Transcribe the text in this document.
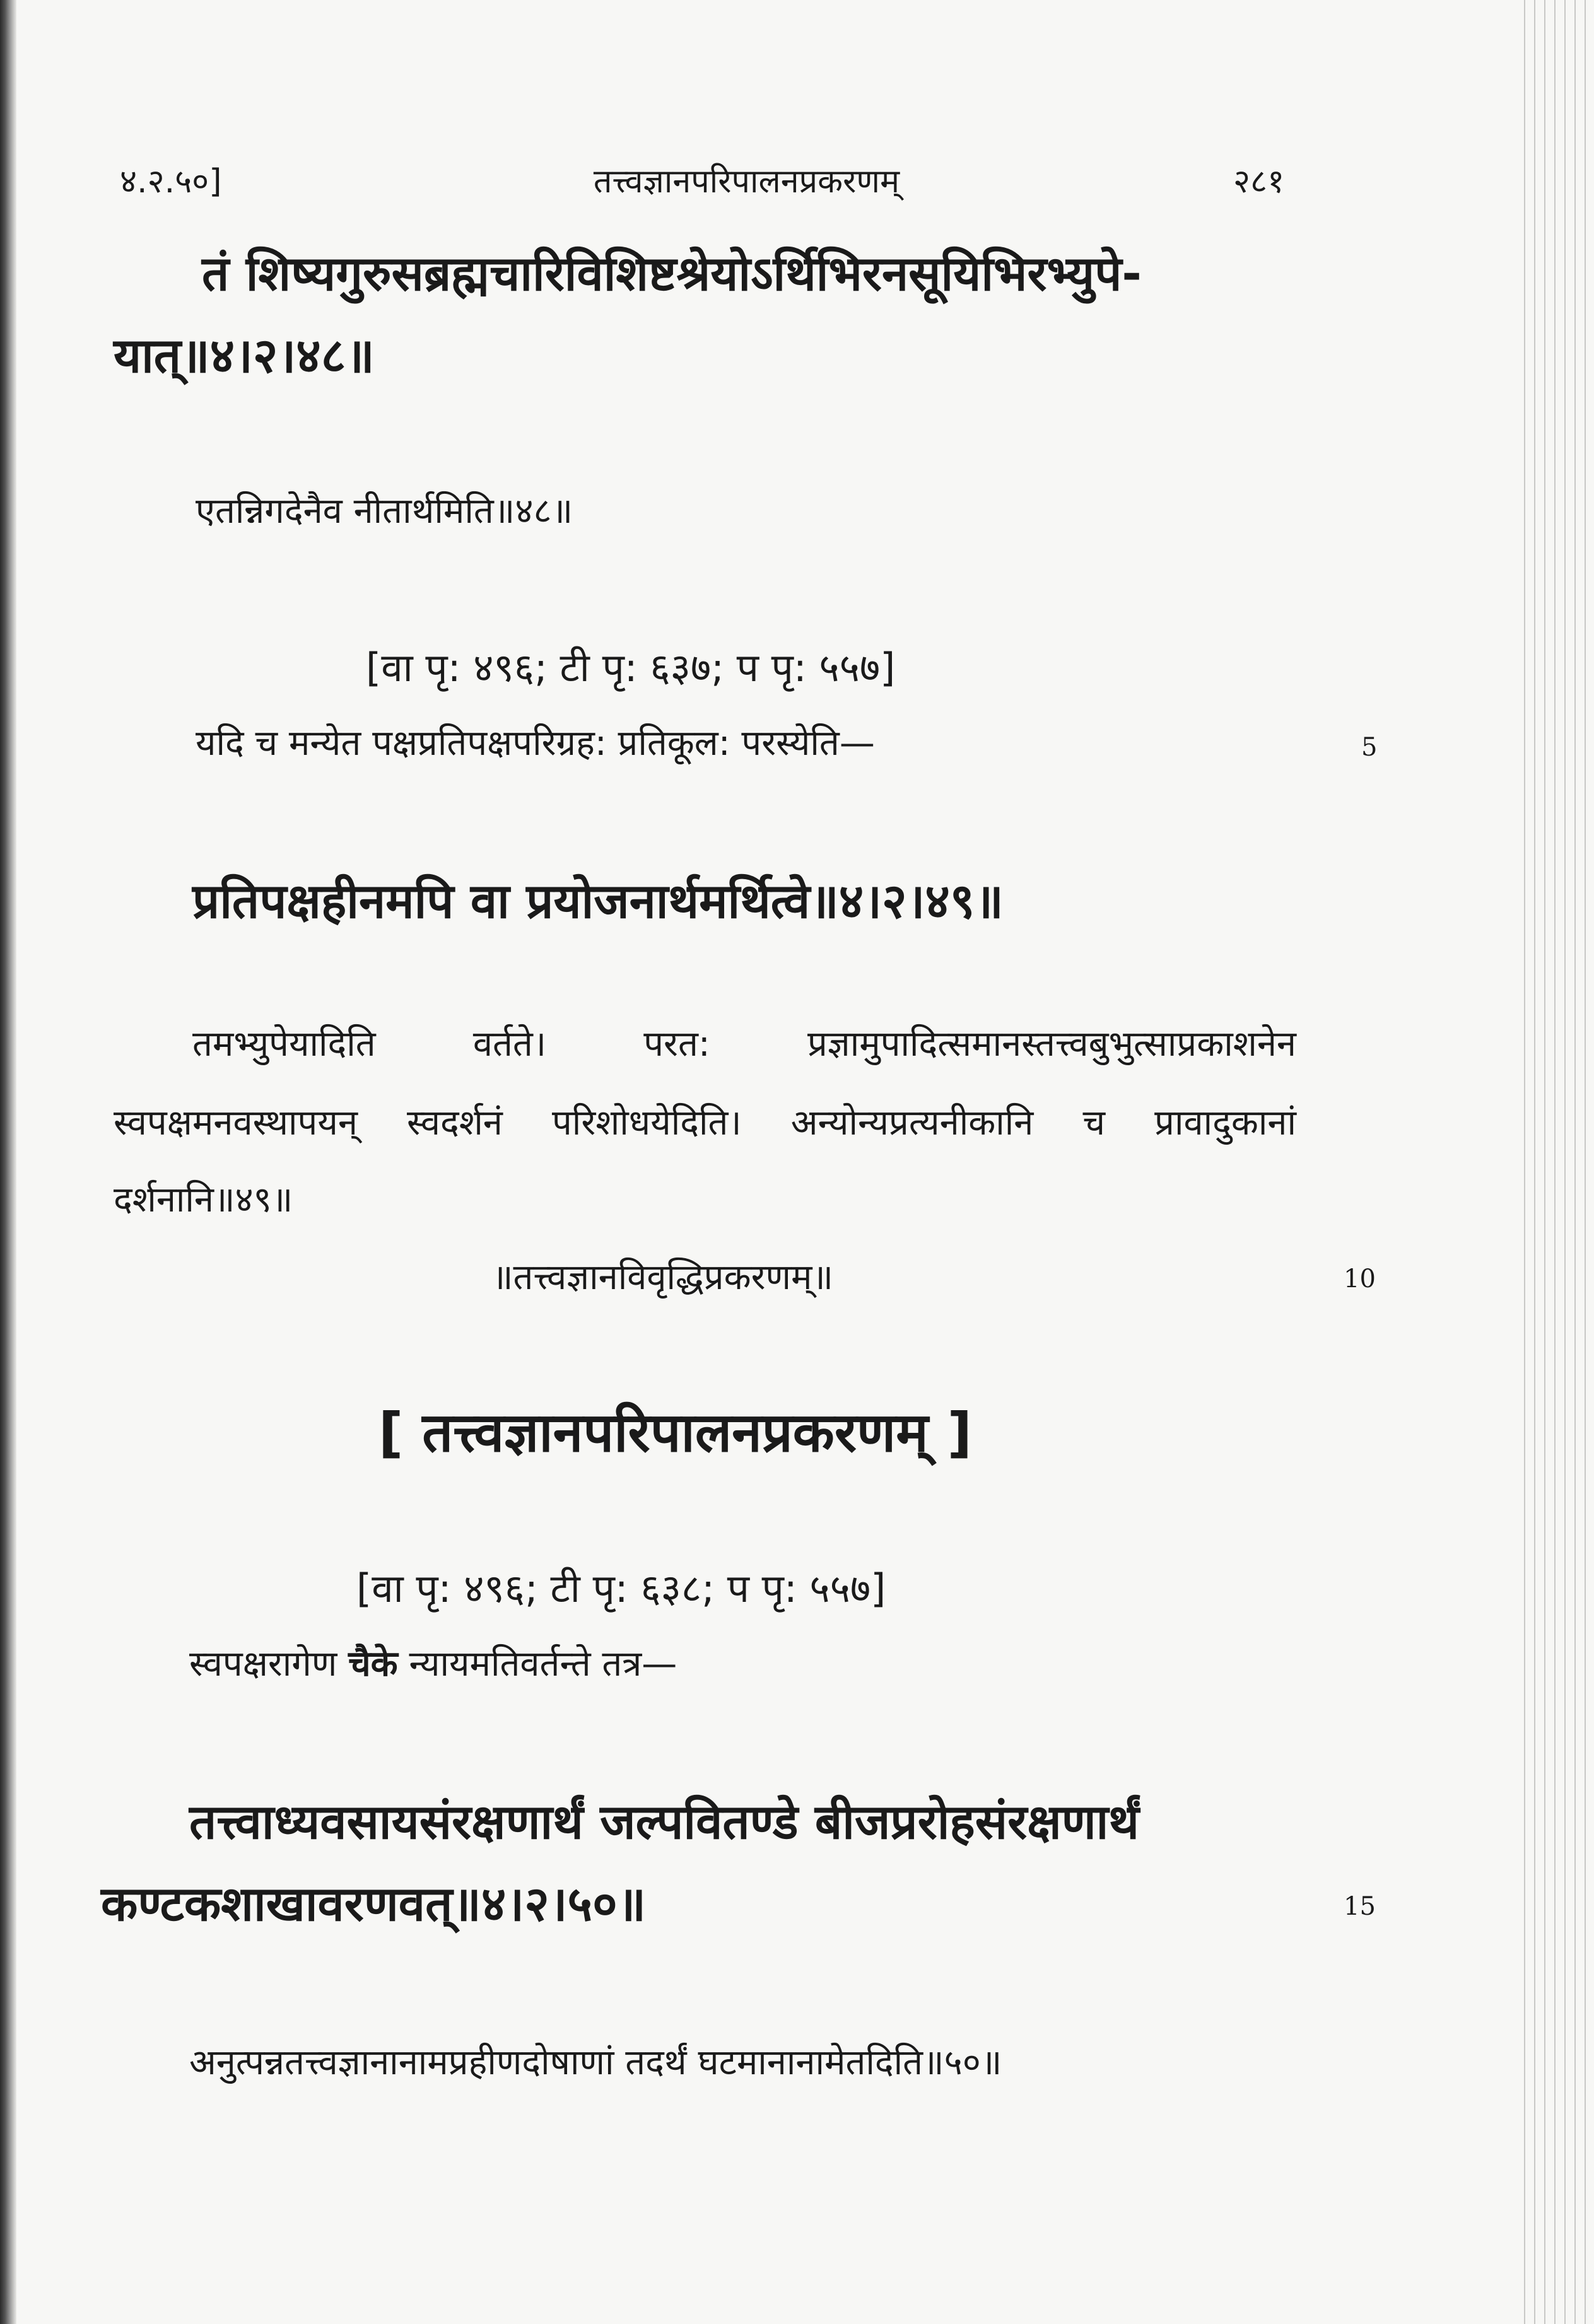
४.२.५०]	तत्त्वज्ञानपरिपालनप्रकरणम्	२८१
तं शिष्यगुरुसब्रह्मचारिविशिष्टश्रेयोऽर्थिभिरनसूयिभिरभ्युपे-
यात्॥४।२।४८॥
एतन्निगदेनैव नीतार्थमिति॥४८॥
[वा पृ: ४९६; टी पृ: ६३७; प पृ: ५५७]
यदि च मन्येत पक्षप्रतिपक्षपरिग्रह: प्रतिकूल: परस्येति—	5
प्रतिपक्षहीनमपि वा प्रयोजनार्थमर्थित्वे॥४।२।४९॥
तमभ्युपेयादिति वर्तते। परत: प्रज्ञामुपादित्समानस्तत्त्वबुभुत्साप्रकाशनेन
स्वपक्षमनवस्थापयन् स्वदर्शनं परिशोधयेदिति। अन्योन्यप्रत्यनीकानि च प्रावादुकानां
दर्शनानि॥४९॥
॥तत्त्वज्ञानविवृद्धिप्रकरणम्॥	10
[ तत्त्वज्ञानपरिपालनप्रकरणम् ]
[वा पृ: ४९६; टी पृ: ६३८; प पृ: ५५७]
स्वपक्षरागेण चैके न्यायमतिवर्तन्ते तत्र—
तत्त्वाध्यवसायसंरक्षणार्थं जल्पवितण्डे बीजप्ररोहसंरक्षणार्थं
कण्टकशाखावरणवत्॥४।२।५०॥	15
अनुत्पन्नतत्त्वज्ञानानामप्रहीणदोषाणां तदर्थं घटमानानामेतदिति॥५०॥
